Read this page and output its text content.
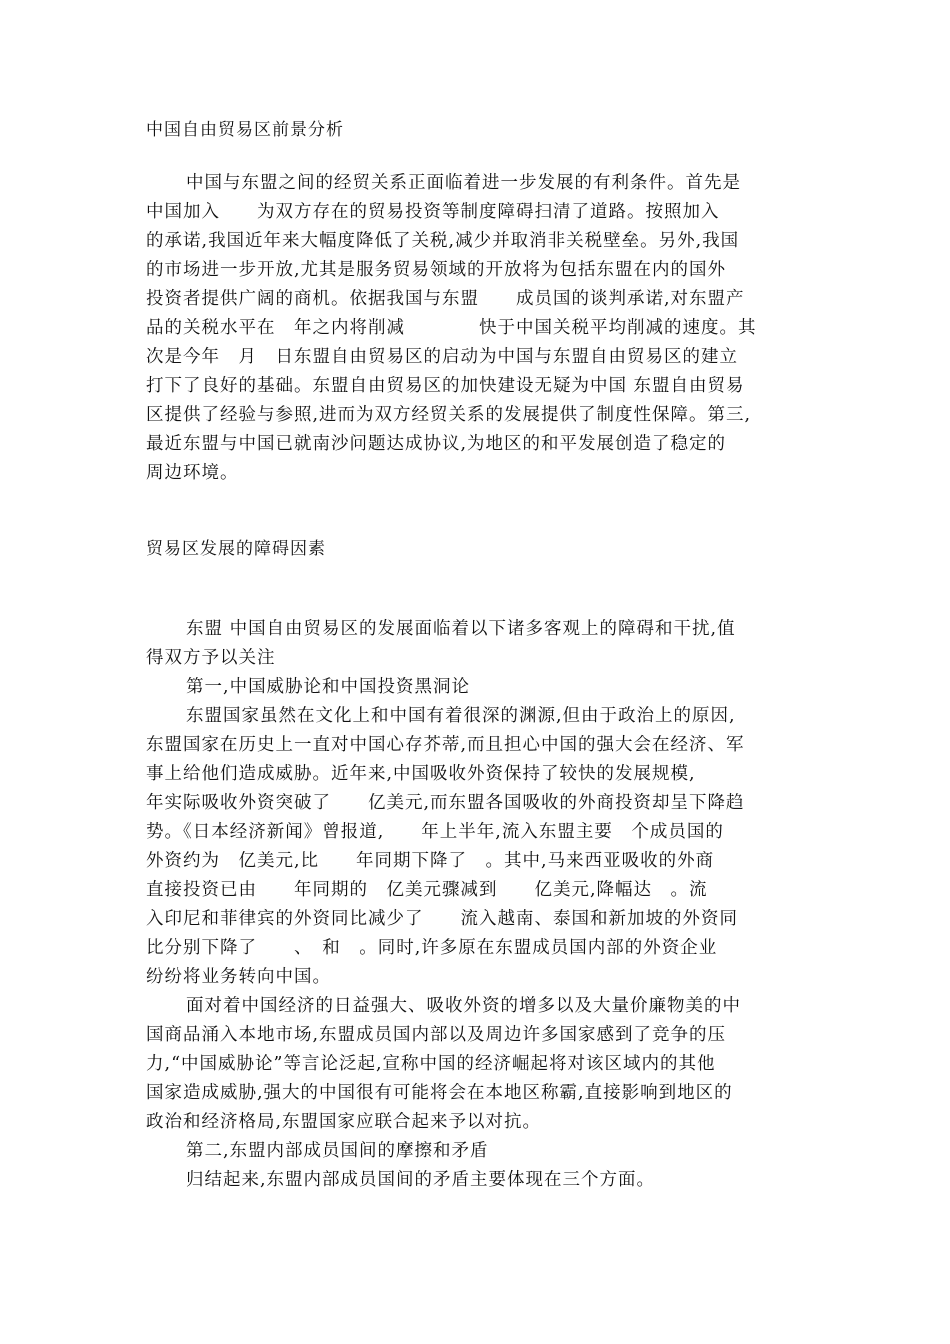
中国自由贸易区前景分析
中国与东盟之间的经贸关系正面临着进一步发展的有利条件。首先是
中国加入　　为双方存在的贸易投资等制度障碍扫清了道路。按照加入
的承诺,我国近年来大幅度降低了关税,减少并取消非关税壁垒。另外,我国
的市场进一步开放,尤其是服务贸易领域的开放将为包括东盟在内的国外
投资者提供广阔的商机。依据我国与东盟　　成员国的谈判承诺,对东盟产
品的关税水平在　年之内将削减　　　　快于中国关税平均削减的速度。其
次是今年　月　日东盟自由贸易区的启动为中国与东盟自由贸易区的建立
打下了良好的基础。东盟自由贸易区的加快建设无疑为中国 东盟自由贸易
区提供了经验与参照,进而为双方经贸关系的发展提供了制度性保障。第三,
最近东盟与中国已就南沙问题达成协议,为地区的和平发展创造了稳定的
周边环境。
贸易区发展的障碍因素
东盟 中国自由贸易区的发展面临着以下诸多客观上的障碍和干扰,值
得双方予以关注
第一,中国威胁论和中国投资黑洞论
东盟国家虽然在文化上和中国有着很深的渊源,但由于政治上的原因,
东盟国家在历史上一直对中国心存芥蒂,而且担心中国的强大会在经济、军
事上给他们造成威胁。近年来,中国吸收外资保持了较快的发展规模,
年实际吸收外资突破了　　亿美元,而东盟各国吸收的外商投资却呈下降趋
势。《日本经济新闻》曾报道,　　年上半年,流入东盟主要　个成员国的
外资约为　亿美元,比　　年同期下降了　。其中,马来西亚吸收的外商
直接投资已由　　年同期的　亿美元骤减到　　亿美元,降幅达　。流
入印尼和菲律宾的外资同比减少了　　流入越南、泰国和新加坡的外资同
比分别下降了　　、　和　。同时,许多原在东盟成员国内部的外资企业
纷纷将业务转向中国。
面对着中国经济的日益强大、吸收外资的增多以及大量价廉物美的中
国商品涌入本地市场,东盟成员国内部以及周边许多国家感到了竞争的压
力,“中国威胁论”等言论泛起,宣称中国的经济崛起将对该区域内的其他
国家造成威胁,强大的中国很有可能将会在本地区称霸,直接影响到地区的
政治和经济格局,东盟国家应联合起来予以对抗。
第二,东盟内部成员国间的摩擦和矛盾
归结起来,东盟内部成员国间的矛盾主要体现在三个方面。
